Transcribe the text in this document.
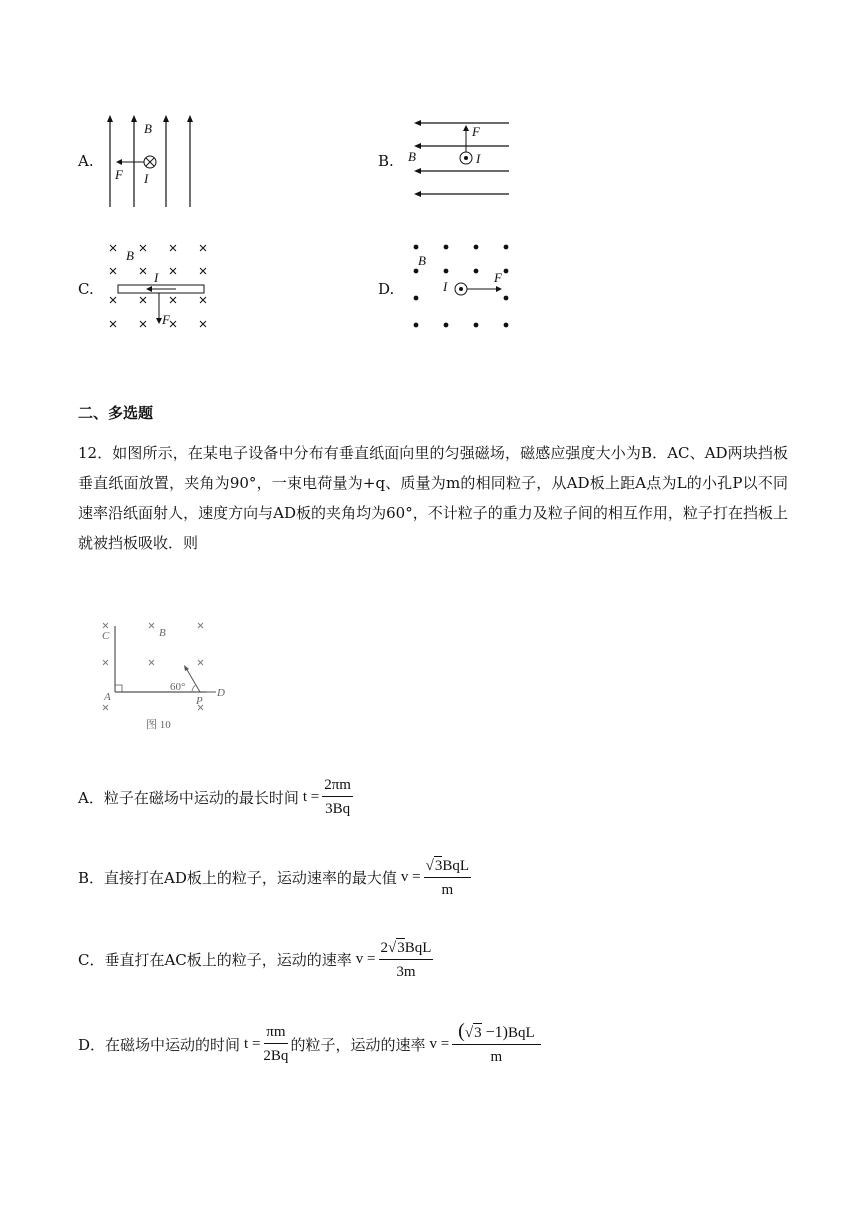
A.
B
F I
B.
F
B	I
C.
B
I
F
D.
B
I
F
二、多选题
12．如图所示，在某电子设备中分布有垂直纸面向里的匀强磁场，磁感应强度大小为B．AC、AD两块挡板垂直纸面放置，夹角为90°，一束电荷量为+q、质量为m的相同粒子，从AD板上距A点为L的小孔P以不同速率沿纸面射人，速度方向与AD板的夹角均为60°，不计粒子的重力及粒子间的相互作用，粒子打在挡板上就被挡板吸收．则
C	B
A
60°	D
P
图 10
A．粒子在磁场中运动的最长时间 $t = \frac{2\pi m}{3Bq}$
B．直接打在AD板上的粒子，运动速率的最大值 $v = \frac{\text{√3BqL}}{m}$
C．垂直打在AC板上的粒子，运动的速率 $v = \frac{\text{2√3BqL}}{3m}$
D．在磁场中运动的时间 $t = \frac{\pi m}{2Bq}$ 的粒子，运动的速率 $v = \frac{\text{(√3 −1)BqL}}{m}$
